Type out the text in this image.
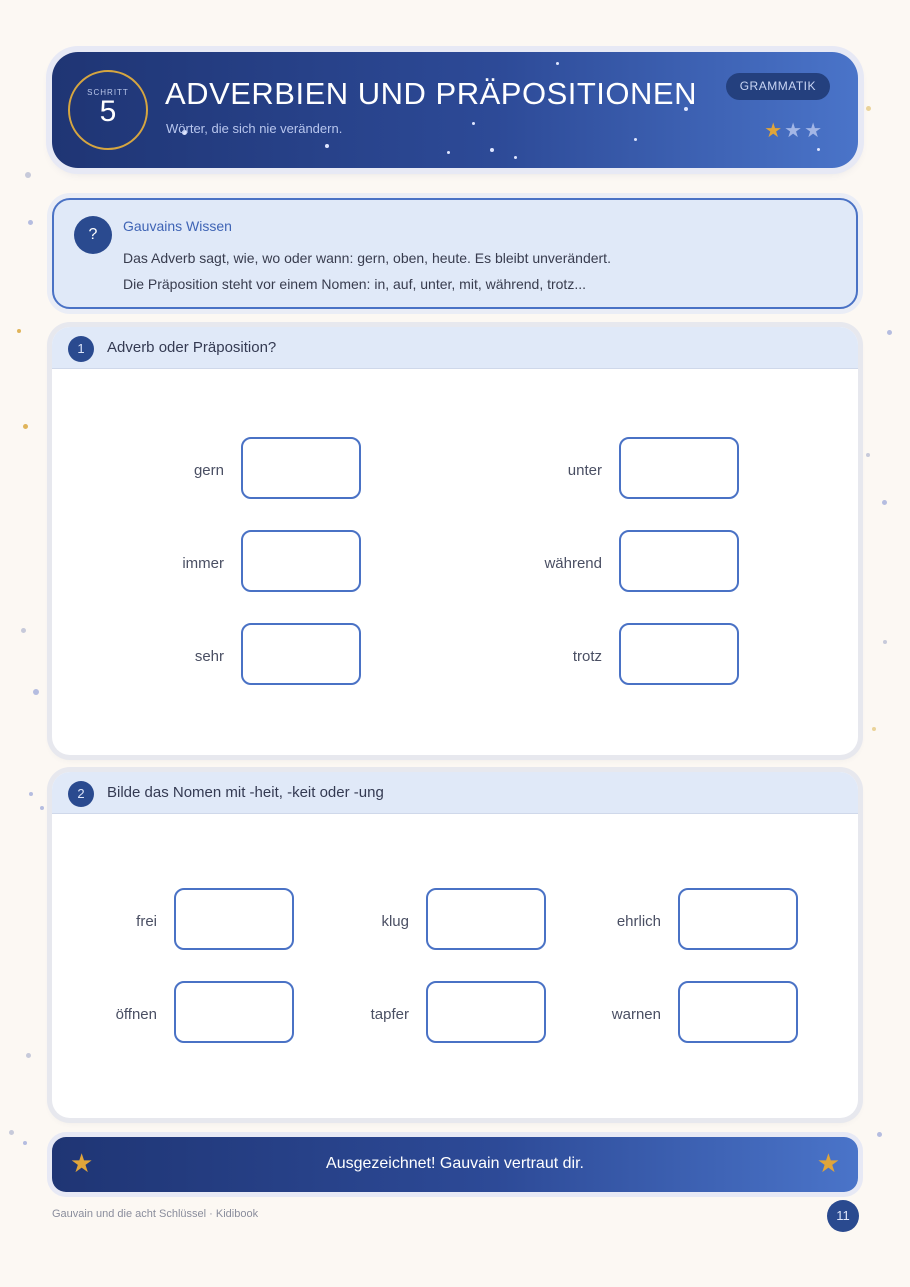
SCHRITT
5 ADVERBIEN UND PRÄPOSITIONEN
Wörter, die sich nie verändern.
GRAMMATIK
★★★
?	Gauvains Wissen
Das Adverb sagt, wie, wo oder wann: gern, oben, heute. Es bleibt unverändert.
Die Präposition steht vor einem Nomen: in, auf, unter, mit, während, trotz...
1	Adverb oder Präposition?
gern	unter
immer	während
sehr	trotz
2	Bilde das Nomen mit -heit, -keit oder -ung
frei	klug	ehrlich
öffnen	tapfer	warnen
★	Ausgezeichnet! Gauvain vertraut dir.	★
Gauvain und die acht Schlüssel · Kidibook	11
